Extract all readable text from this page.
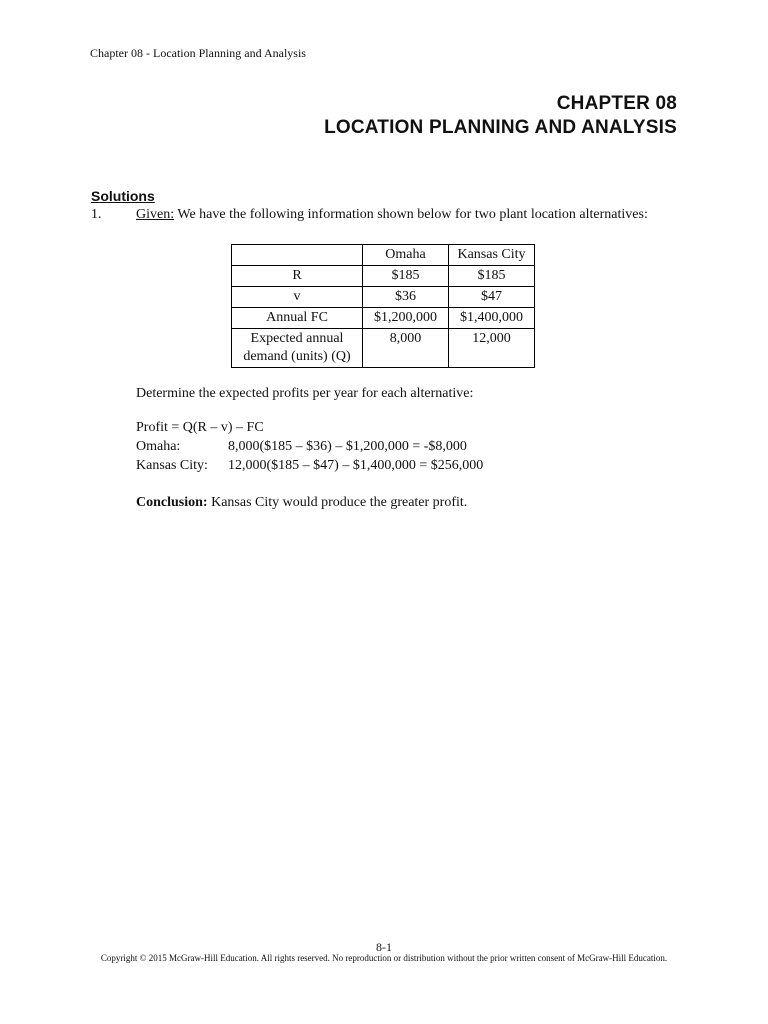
Chapter 08 - Location Planning and Analysis
CHAPTER 08
LOCATION PLANNING AND ANALYSIS
Solutions
1. Given: We have the following information shown below for two plant location alternatives:
	Omaha	Kansas City
R	$185	$185
v	$36	$47
Annual FC	$1,200,000	$1,400,000
Expected annual demand (units) (Q)	8,000	12,000
Determine the expected profits per year for each alternative:
Profit = Q(R – v) – FC
Omaha:	8,000($185 – $36) – $1,200,000 = -$8,000
Kansas City: 12,000($185 – $47) – $1,400,000 = $256,000
Conclusion: Kansas City would produce the greater profit.
8-1
Copyright © 2015 McGraw-Hill Education. All rights reserved. No reproduction or distribution without the prior written consent of McGraw-Hill Education.
